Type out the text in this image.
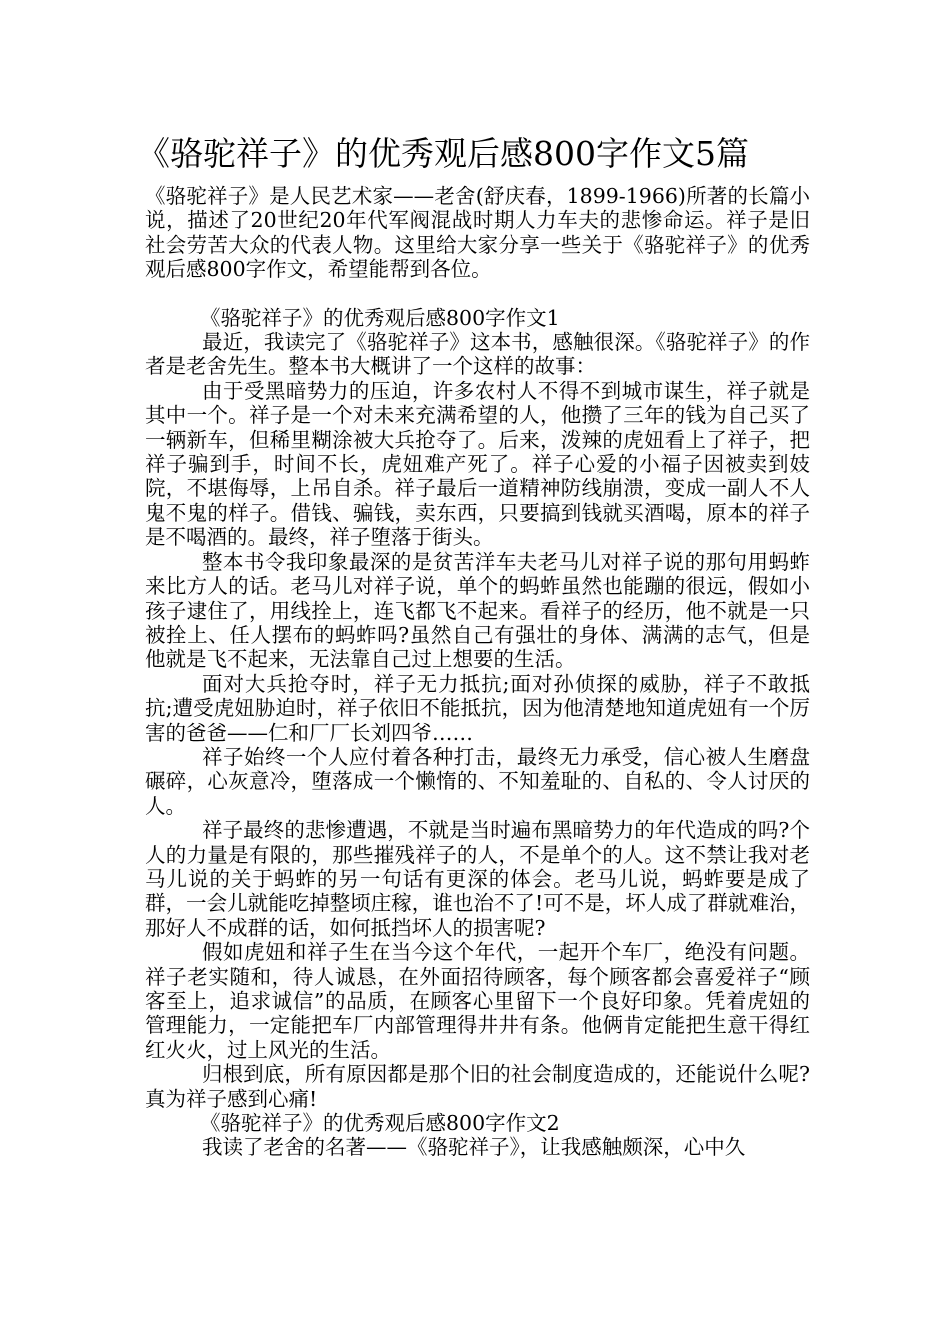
《骆驼祥子》的优秀观后感800字作文5篇

《骆驼祥子》是人民艺术家——老舍(舒庆春，1899-1966)所著的长篇小说，描述了20世纪20年代军阀混战时期人力车夫的悲惨命运。祥子是旧社会劳苦大众的代表人物。这里给大家分享一些关于《骆驼祥子》的优秀观后感800字作文，希望能帮到各位。

《骆驼祥子》的优秀观后感800字作文1

最近，我读完了《骆驼祥子》这本书，感触很深。《骆驼祥子》的作者是老舍先生。整本书大概讲了一个这样的故事：

由于受黑暗势力的压迫，许多农村人不得不到城市谋生，祥子就是其中一个。祥子是一个对未来充满希望的人，他攒了三年的钱为自己买了一辆新车，但稀里糊涂被大兵抢夺了。后来，泼辣的虎妞看上了祥子，把祥子骗到手，时间不长，虎妞难产死了。祥子心爱的小福子因被卖到妓院，不堪侮辱，上吊自杀。祥子最后一道精神防线崩溃，变成一副人不人鬼不鬼的样子。借钱、骗钱，卖东西，只要搞到钱就买酒喝，原本的祥子是不喝酒的。最终，祥子堕落于街头。

整本书令我印象最深的是贫苦洋车夫老马儿对祥子说的那句用蚂蚱来比方人的话。老马儿对祥子说，单个的蚂蚱虽然也能蹦的很远，假如小孩子逮住了，用线拴上，连飞都飞不起来。看祥子的经历，他不就是一只被拴上、任人摆布的蚂蚱吗?虽然自己有强壮的身体、满满的志气，但是他就是飞不起来，无法靠自己过上想要的生活。

面对大兵抢夺时，祥子无力抵抗;面对孙侦探的威胁，祥子不敢抵抗;遭受虎妞胁迫时，祥子依旧不能抵抗，因为他清楚地知道虎妞有一个厉害的爸爸——仁和厂厂长刘四爷……

祥子始终一个人应付着各种打击，最终无力承受，信心被人生磨盘碾碎，心灰意冷，堕落成一个懒惰的、不知羞耻的、自私的、令人讨厌的人。

祥子最终的悲惨遭遇，不就是当时遍布黑暗势力的年代造成的吗?个人的力量是有限的，那些摧残祥子的人，不是单个的人。这不禁让我对老马儿说的关于蚂蚱的另一句话有更深的体会。老马儿说，蚂蚱要是成了群，一会儿就能吃掉整顷庄稼，谁也治不了!可不是，坏人成了群就难治，那好人不成群的话，如何抵挡坏人的损害呢?

假如虎妞和祥子生在当今这个年代，一起开个车厂，绝没有问题。祥子老实随和，待人诚恳，在外面招待顾客，每个顾客都会喜爱祥子“顾客至上，追求诚信”的品质，在顾客心里留下一个良好印象。凭着虎妞的管理能力，一定能把车厂内部管理得井井有条。他俩肯定能把生意干得红红火火，过上风光的生活。

归根到底，所有原因都是那个旧的社会制度造成的，还能说什么呢?真为祥子感到心痛!

《骆驼祥子》的优秀观后感800字作文2

我读了老舍的名著——《骆驼祥子》，让我感触颇深，心中久
